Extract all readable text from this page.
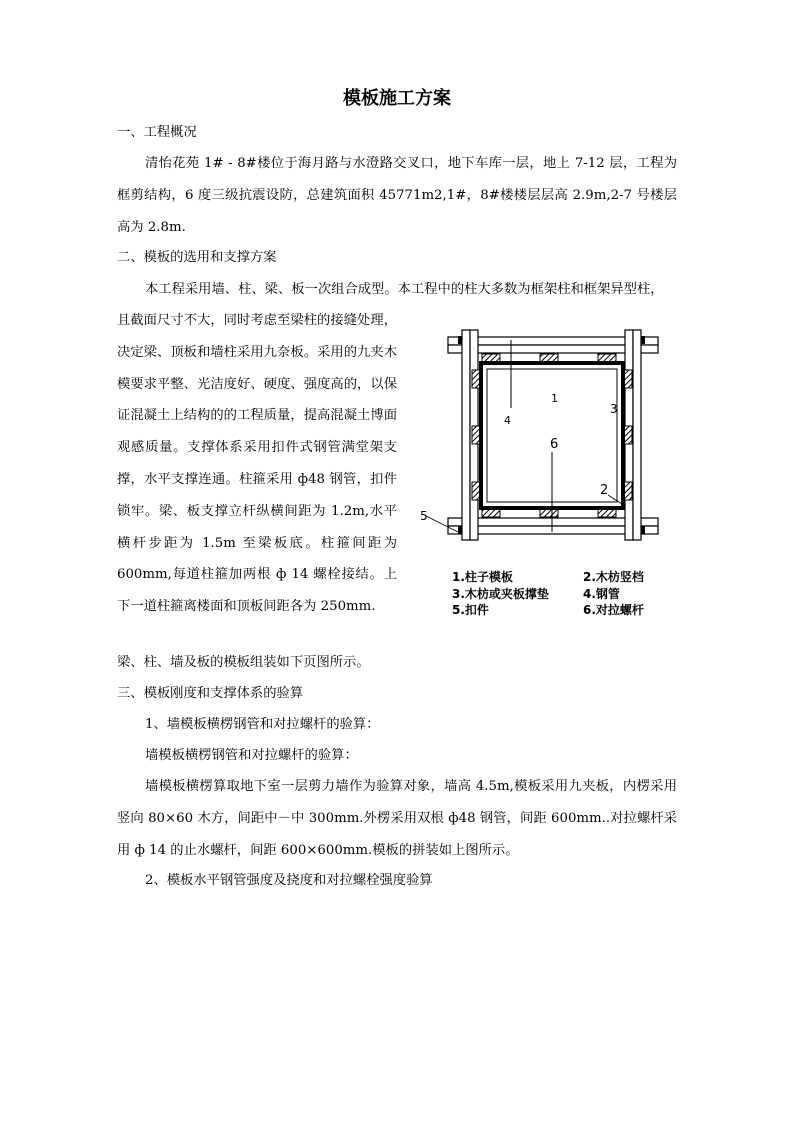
模板施工方案

一、工程概况

清怡花苑 1# - 8#楼位于海月路与水澄路交叉口，地下车库一层，地上 7-12 层，工程为框剪结构，6 度三级抗震设防，总建筑面积 45771m2,1#，8#楼楼层层高 2.9m,2-7 号楼层高为 2.8m.

二、模板的选用和支撑方案

本工程采用墙、柱、梁、板一次组合成型。本工程中的柱大多数为框架柱和框架异型柱，

且截面尺寸不大，同时考虑至梁柱的接缝处理，决定梁、顶板和墙柱采用九奈板。采用的九夹木模要求平整、光洁度好、硬度、强度高的，以保证混凝土上结构的的工程质量，提高混凝土博面观感质量。支撑体系采用扣件式钢管满堂架支撑，水平支撑连通。柱箍采用 ф48 钢管，扣件锁牢。梁、板支撑立杆纵横间距为 1.2m,水平横杆步距为 1.5m 至梁板底。柱箍间距为 600mm,每道柱箍加两根 ф 14 螺栓接结。上下一道柱箍离楼面和顶板间距各为 250mm.

1
2
3
4
5
6
1.柱子模板	2.木枋竖档
3.木枋或夹板撑垫	4.钢管
5.扣件	6.对拉螺杆

梁、柱、墙及板的模板组装如下页图所示。

三、模板刚度和支撑体系的验算

1、墙模板横楞钢管和对拉螺杆的验算：

墙模板横楞钢管和对拉螺杆的验算：

墙模板横楞算取地下室一层剪力墙作为验算对象，墙高 4.5m,模板采用九夹板，内楞采用竖向 80×60 木方，间距中－中 300mm.外楞采用双根 ф48 钢管，间距 600mm..对拉螺杆采用 ф 14 的止水螺杆，间距 600×600mm.模板的拼装如上图所示。

2、模板水平钢管强度及挠度和对拉螺栓强度验算
